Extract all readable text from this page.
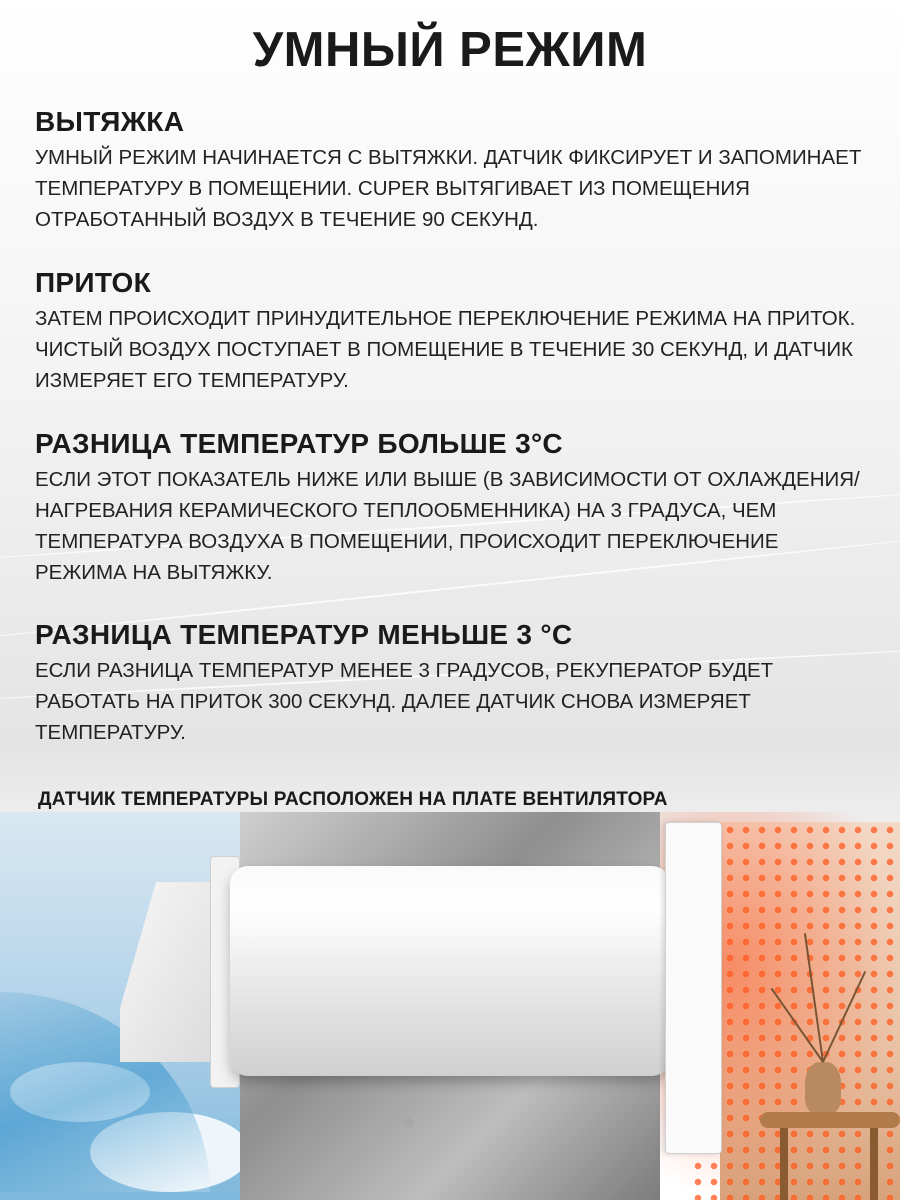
УМНЫЙ РЕЖИМ
ВЫТЯЖКА

УМНЫЙ РЕЖИМ НАЧИНАЕТСЯ С ВЫТЯЖКИ. ДАТЧИК ФИКСИРУЕТ И ЗАПОМИНАЕТ ТЕМПЕРАТУРУ В ПОМЕЩЕНИИ. CUPER ВЫТЯГИВАЕТ ИЗ ПОМЕЩЕНИЯ ОТРАБОТАННЫЙ ВОЗДУХ В ТЕЧЕНИЕ 90 СЕКУНД.

ПРИТОК

ЗАТЕМ ПРОИСХОДИТ ПРИНУДИТЕЛЬНОЕ ПЕРЕКЛЮЧЕНИЕ РЕЖИМА НА ПРИТОК. ЧИСТЫЙ ВОЗДУХ ПОСТУПАЕТ В ПОМЕЩЕНИЕ В ТЕЧЕНИЕ 30 СЕКУНД, И ДАТЧИК ИЗМЕРЯЕТ ЕГО ТЕМПЕРАТУРУ.

РАЗНИЦА ТЕМПЕРАТУР БОЛЬШЕ 3°C

ЕСЛИ ЭТОТ ПОКАЗАТЕЛЬ НИЖЕ ИЛИ ВЫШЕ (В ЗАВИСИМОСТИ ОТ ОХЛАЖДЕНИЯ/НАГРЕВАНИЯ КЕРАМИЧЕСКОГО ТЕПЛООБМЕННИКА) НА 3 ГРАДУСА, ЧЕМ ТЕМПЕРАТУРА ВОЗДУХА В ПОМЕЩЕНИИ, ПРОИСХОДИТ ПЕРЕКЛЮЧЕНИЕ РЕЖИМА НА ВЫТЯЖКУ.

РАЗНИЦА ТЕМПЕРАТУР МЕНЬШЕ 3 °C

ЕСЛИ РАЗНИЦА ТЕМПЕРАТУР МЕНЕЕ 3 ГРАДУСОВ, РЕКУПЕРАТОР БУДЕТ РАБОТАТЬ НА ПРИТОК 300 СЕКУНД. ДАЛЕЕ ДАТЧИК СНОВА ИЗМЕРЯЕТ ТЕМПЕРАТУРУ.

ДАТЧИК ТЕМПЕРАТУРЫ РАСПОЛОЖЕН НА ПЛАТЕ ВЕНТИЛЯТОРА
